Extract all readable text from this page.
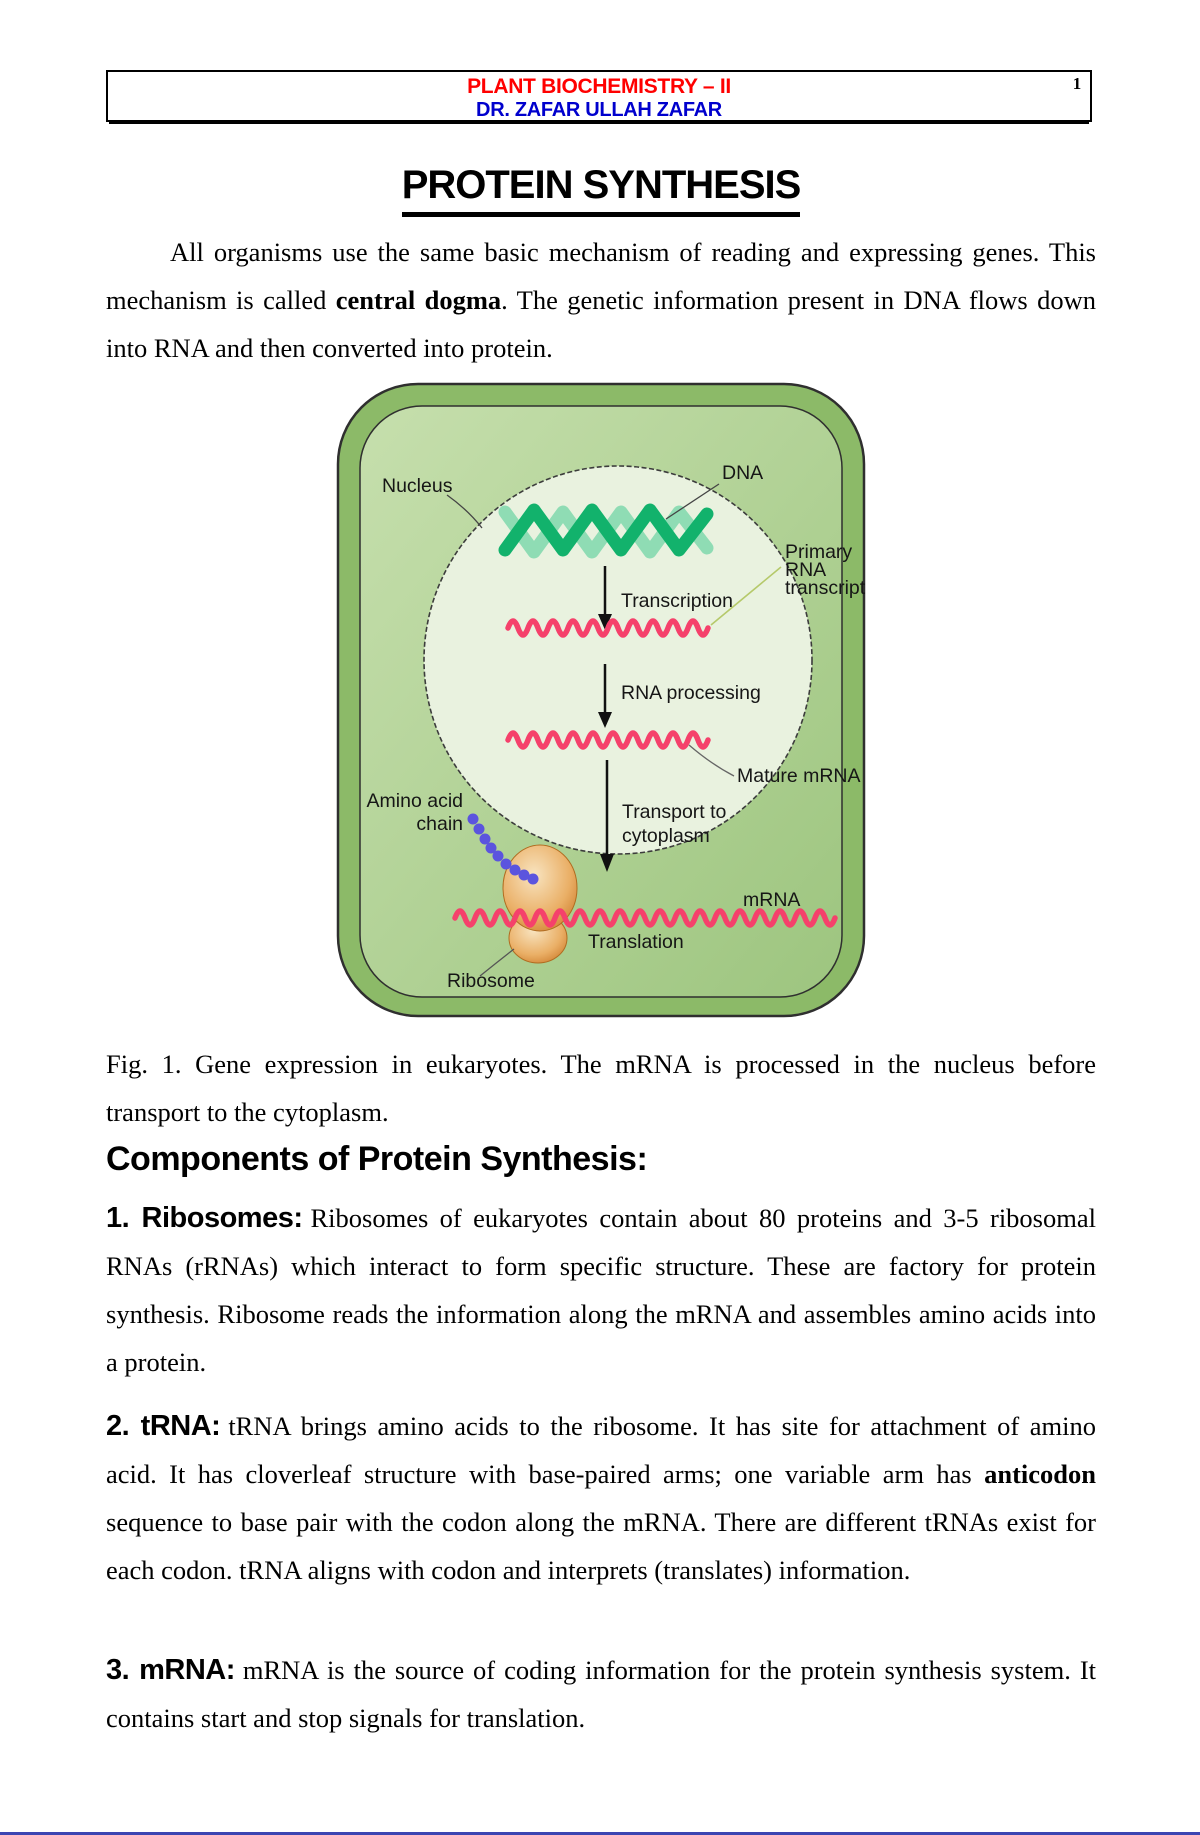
PLANT BIOCHEMISTRY – II
DR. ZAFAR ULLAH ZAFAR
1
PROTEIN SYNTHESIS

All organisms use the same basic mechanism of reading and expressing genes. This mechanism is called central dogma. The genetic information present in DNA flows down into RNA and then converted into protein.

Transcription
RNA processing
Transport to
cytoplasm
Nucleus
DNA
Primary
RNA
transcript
Mature mRNA
Amino acid
chain
mRNA
Translation
Ribosome

Fig. 1. Gene expression in eukaryotes. The mRNA is processed in the nucleus before transport to the cytoplasm.

Components of Protein Synthesis:

1. Ribosomes: Ribosomes of eukaryotes contain about 80 proteins and 3-5 ribosomal RNAs (rRNAs) which interact to form specific structure. These are factory for protein synthesis. Ribosome reads the information along the mRNA and assembles amino acids into a protein.

2. tRNA: tRNA brings amino acids to the ribosome. It has site for attachment of amino acid. It has cloverleaf structure with base-paired arms; one variable arm has anticodon sequence to base pair with the codon along the mRNA. There are different tRNAs exist for each codon. tRNA aligns with codon and interprets (translates) information.

3. mRNA: mRNA is the source of coding information for the protein synthesis system. It contains start and stop signals for translation.
